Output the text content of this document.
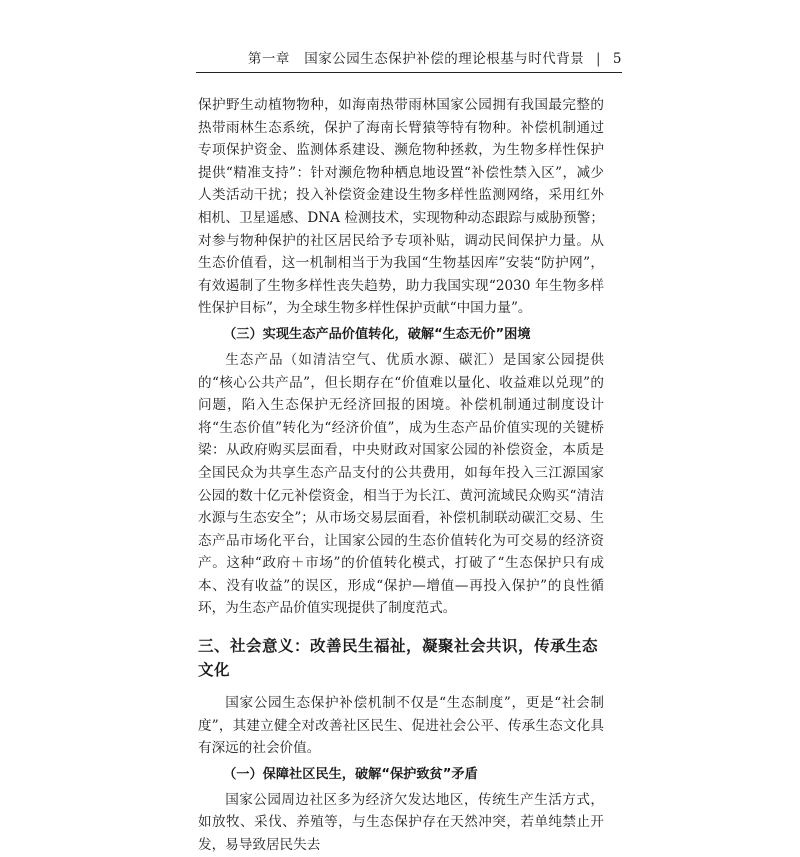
第一章 国家公园生态保护补偿的理论根基与时代背景 | 5

保护野生动植物物种，如海南热带雨林国家公园拥有我国最完整的热带雨林生态系统，保护了海南长臂猿等特有物种。补偿机制通过专项保护资金、监测体系建设、濒危物种拯救，为生物多样性保护提供“精准支持”：针对濒危物种栖息地设置“补偿性禁入区”，减少人类活动干扰；投入补偿资金建设生物多样性监测网络，采用红外相机、卫星遥感、DNA 检测技术，实现物种动态跟踪与威胁预警；对参与物种保护的社区居民给予专项补贴，调动民间保护力量。从生态价值看，这一机制相当于为我国“生物基因库”安装“防护网”，有效遏制了生物多样性丧失趋势，助力我国实现“2030 年生物多样性保护目标”，为全球生物多样性保护贡献“中国力量”。

（三）实现生态产品价值转化，破解“生态无价”困境

生态产品（如清洁空气、优质水源、碳汇）是国家公园提供的“核心公共产品”，但长期存在“价值难以量化、收益难以兑现”的问题，陷入生态保护无经济回报的困境。补偿机制通过制度设计将“生态价值”转化为“经济价值”，成为生态产品价值实现的关键桥梁：从政府购买层面看，中央财政对国家公园的补偿资金，本质是全国民众为共享生态产品支付的公共费用，如每年投入三江源国家公园的数十亿元补偿资金，相当于为长江、黄河流域民众购买“清洁水源与生态安全”；从市场交易层面看，补偿机制联动碳汇交易、生态产品市场化平台，让国家公园的生态价值转化为可交易的经济资产。这种“政府＋市场”的价值转化模式，打破了“生态保护只有成本、没有收益”的误区，形成“保护—增值—再投入保护”的良性循环，为生态产品价值实现提供了制度范式。

三、社会意义：改善民生福祉，凝聚社会共识，传承生态文化

国家公园生态保护补偿机制不仅是“生态制度”，更是“社会制度”，其建立健全对改善社区民生、促进社会公平、传承生态文化具有深远的社会价值。

（一）保障社区民生，破解“保护致贫”矛盾

国家公园周边社区多为经济欠发达地区，传统生产生活方式，如放牧、采伐、养殖等，与生态保护存在天然冲突，若单纯禁止开发，易导致居民失去
